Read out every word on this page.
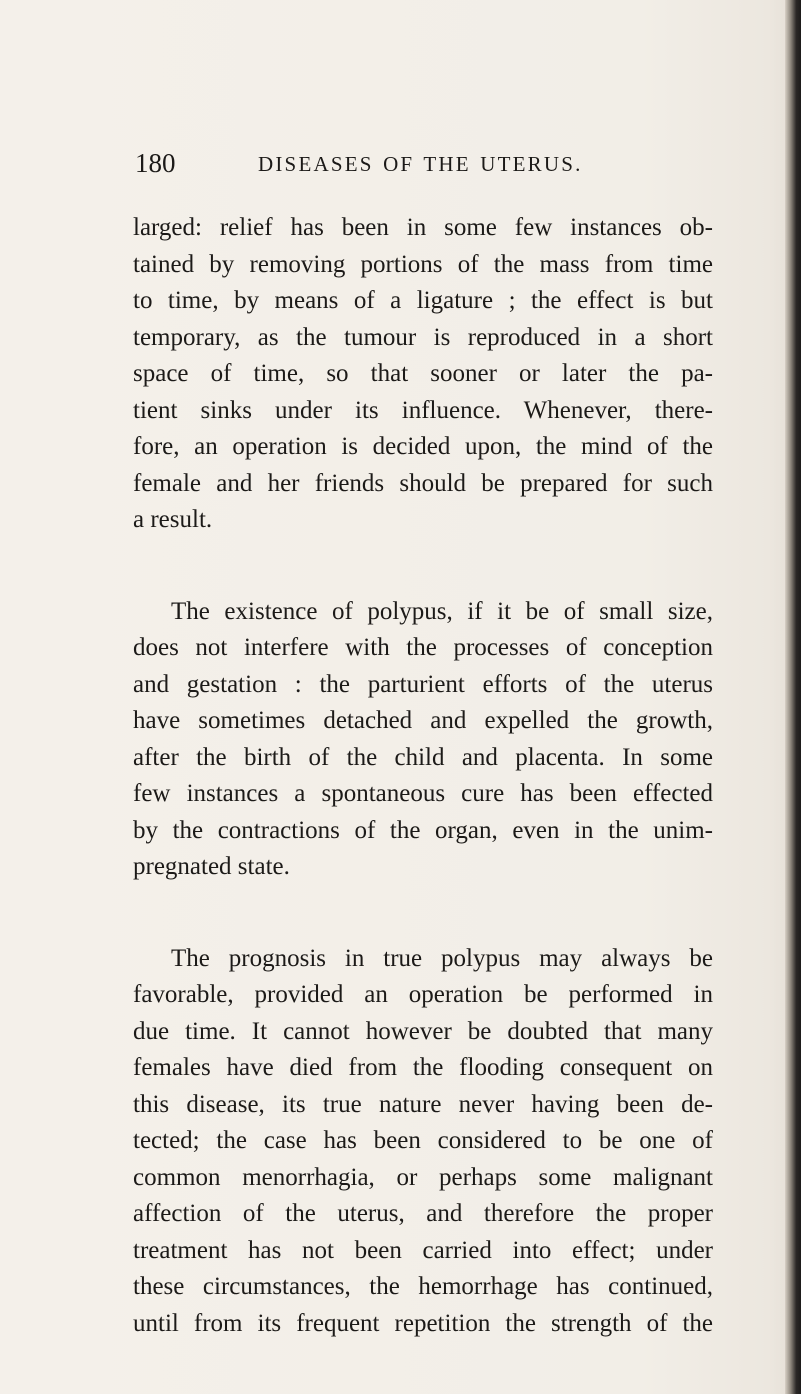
180	DISEASES OF THE UTERUS.

larged: relief has been in some few instances ob-
tained by removing portions of the mass from time
to time, by means of a ligature ; the effect is but
temporary, as the tumour is reproduced in a short
space of time, so that sooner or later the pa-
tient sinks under its influence. Whenever, there-
fore, an operation is decided upon, the mind of the
female and her friends should be prepared for such
a result.

The existence of polypus, if it be of small size,
does not interfere with the processes of conception
and gestation : the parturient efforts of the uterus
have sometimes detached and expelled the growth,
after the birth of the child and placenta. In some
few instances a spontaneous cure has been effected
by the contractions of the organ, even in the unim-
pregnated state.

The prognosis in true polypus may always be
favorable, provided an operation be performed in
due time. It cannot however be doubted that many
females have died from the flooding consequent on
this disease, its true nature never having been de-
tected; the case has been considered to be one of
common menorrhagia, or perhaps some malignant
affection of the uterus, and therefore the proper
treatment has not been carried into effect; under
these circumstances, the hemorrhage has continued,
until from its frequent repetition the strength of the
